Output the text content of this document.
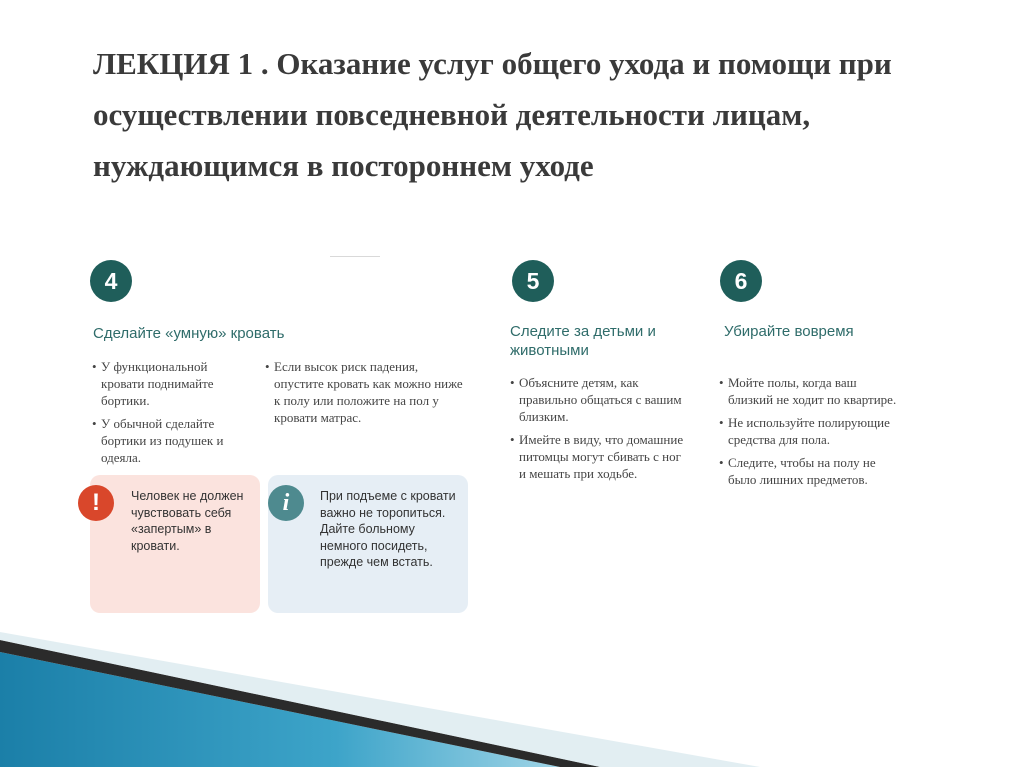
ЛЕКЦИЯ 1 . Оказание услуг общего ухода и помощи при осуществлении повседневной деятельности лицам, нуждающимся в постороннем уходе
4

Сделайте «умную» кровать

• У функциональной кровати поднимайте бортики.
• У обычной сделайте бортики из подушек и одеяла.
• Если высок риск падения, опустите кровать как можно ниже к полу или положите на пол у кровати матрас.
!	Человек не должен чувствовать себя «запертым» в кровати.

i	При подъеме с кровати важно не торопиться. Дайте больному немного посидеть, прежде чем встать.

5

Следите за детьми и животными

• Объясните детям, как правильно общаться с вашим близким.
• Имейте в виду, что домашние питомцы могут сбивать с ног и мешать при ходьбе.
6

Убирайте вовремя

• Мойте полы, когда ваш близкий не ходит по квартире.
• Не используйте полирующие средства для пола.
• Следите, чтобы на полу не было лишних предметов.
